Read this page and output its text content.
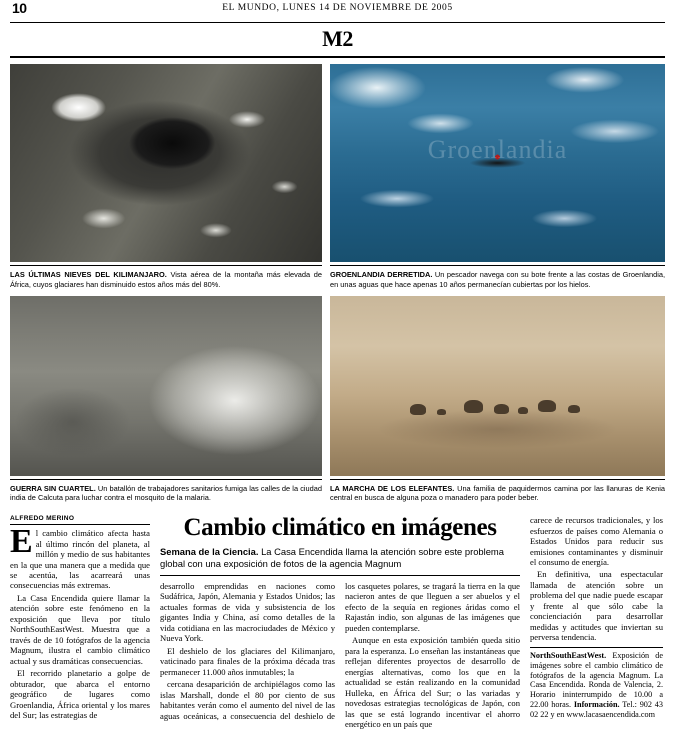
10	EL MUNDO, LUNES 14 DE NOVIEMBRE DE 2005
M2
LAS ÚLTIMAS NIEVES DEL KILIMANJARO. Vista aérea de la montaña más elevada de África, cuyos glaciares han disminuido estos años más del 80%.
Groenlandia
GROENLANDIA DERRETIDA. Un pescador navega con su bote frente a las costas de Groenlandia, en unas aguas que hace apenas 10 años permanecían cubiertas por los hielos.
GUERRA SIN CUARTEL. Un batallón de trabajadores sanitarios fumiga las calles de la ciudad india de Calcuta para luchar contra el mosquito de la malaria.
LA MARCHA DE LOS ELEFANTES. Una familia de paquidermos camina por las llanuras de Kenia central en busca de alguna poza o manadero para poder beber.
ALFREDO MERINO

El cambio climático afecta hasta al último rincón del planeta, al millón y medio de sus habitantes en la que una manera que a medida que se acentúa, las acarreará unas consecuencias más extremas.

La Casa Encendida quiere llamar la atención sobre este fenómeno en la exposición que lleva por título NorthSouthEastWest. Muestra que a través de de 10 fotógrafos de la agencia Magnum, ilustra el cambio climático actual y sus dramáticas consecuencias.

El recorrido planetario a golpe de obturador, que abarca el entorno geográfico de lugares como Groenlandia, África oriental y los mares del Sur; las estrategias de

Cambio climático en imágenes
Semana de la Ciencia. La Casa Encendida llama la atención sobre este problema global con una exposición de fotos de la agencia Magnum

desarrollo emprendidas en naciones como Sudáfrica, Japón, Alemania y Estados Unidos; las actuales formas de vida y subsistencia de los gigantes India y China, así como detalles de la vida cotidiana en las macrociudades de México y Nueva York.

El deshielo de los glaciares del Kilimanjaro, vaticinado para finales de la próxima década tras permanecer 11.000 años inmutables; la

cercana desaparición de archipiélagos como las islas Marshall, donde el 80 por ciento de sus habitantes verán como el aumento del nivel de las aguas oceánicas, a consecuencia del deshielo de los casquetes polares, se tragará la tierra en la que nacieron antes de que lleguen a ser abuelos y el efecto de la sequía en regiones áridas como el Rajastán indio, son algunas de las imágenes que pueden contemplarse.

Aunque en esta exposición también queda sitio para la esperanza. Lo enseñan las instantáneas que reflejan diferentes proyectos de desarrollo de energías alternativas, como los que en la actualidad se están realizando en la comunidad Hulleka, en África del Sur; o las variadas y novedosas estrategias tecnológicas de Japón, con las que se está logrando incentivar el ahorro energético en un país que

carece de recursos tradicionales, y los esfuerzos de países como Alemania o Estados Unidos para reducir sus emisiones contaminantes y disminuir el consumo de energía.

En definitiva, una espectacular llamada de atención sobre un problema del que nadie puede escapar y frente al que sólo cabe la concienciación para desarrollar medidas y actitudes que inviertan su perversa tendencia.

NorthSouthEastWest. Exposición de imágenes sobre el cambio climático de fotógrafos de la agencia Magnum. La Casa Encendida. Ronda de Valencia, 2. Horario ininterrumpido de 10.00 a 22.00 horas. Información. Tel.: 902 43 02 22 y en www.lacasaencendida.com
